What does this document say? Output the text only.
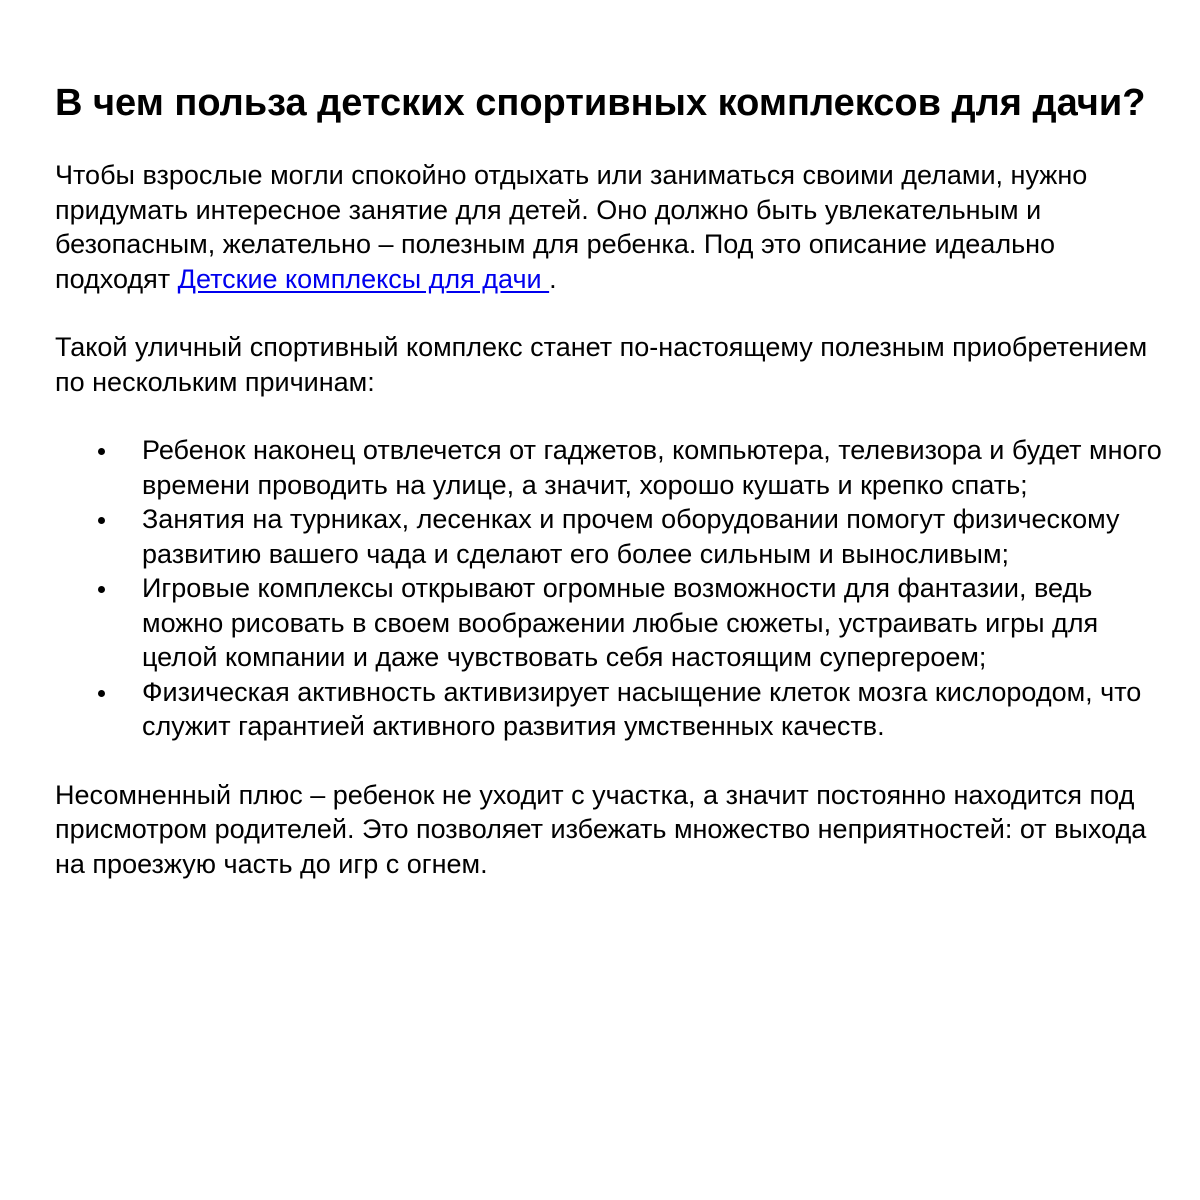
В чем польза детских спортивных комплексов для дачи?

Чтобы взрослые могли спокойно отдыхать или заниматься своими делами, нужно придумать интересное занятие для детей. Оно должно быть увлекательным и безопасным, желательно – полезным для ребенка. Под это описание идеально подходят Детские комплексы для дачи .

Такой уличный спортивный комплекс станет по-настоящему полезным приобретением по нескольким причинам:

Ребенок наконец отвлечется от гаджетов, компьютера, телевизора и будет много времени проводить на улице, а значит, хорошо кушать и крепко спать;
Занятия на турниках, лесенках и прочем оборудовании помогут физическому развитию вашего чада и сделают его более сильным и выносливым;
Игровые комплексы открывают огромные возможности для фантазии, ведь можно рисовать в своем воображении любые сюжеты, устраивать игры для целой компании и даже чувствовать себя настоящим супергероем;
Физическая активность активизирует насыщение клеток мозга кислородом, что служит гарантией активного развития умственных качеств.

Несомненный плюс – ребенок не уходит с участка, а значит постоянно находится под присмотром родителей. Это позволяет избежать множество неприятностей: от выхода на проезжую часть до игр с огнем.
